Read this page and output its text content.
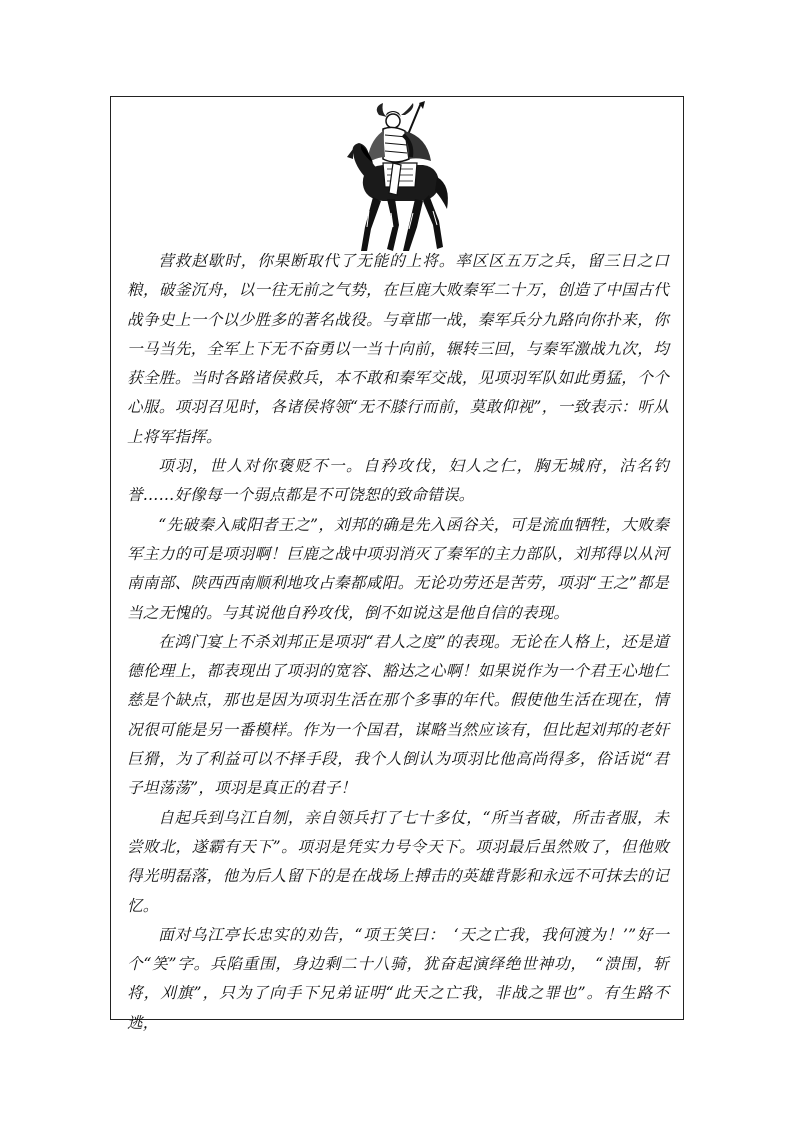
营救赵歇时，你果断取代了无能的上将。率区区五万之兵，留三日之口粮，破釜沉舟，以一往无前之气势，在巨鹿大败秦军二十万，创造了中国古代战争史上一个以少胜多的著名战役。与章邯一战，秦军兵分九路向你扑来，你一马当先，全军上下无不奋勇以一当十向前，辗转三回，与秦军激战九次，均获全胜。当时各路诸侯救兵，本不敢和秦军交战，见项羽军队如此勇猛，个个心服。项羽召见时，各诸侯将领“无不膝行而前，莫敢仰视”，一致表示：听从上将军指挥。

项羽，世人对你褒贬不一。自矜攻伐，妇人之仁，胸无城府，沽名钓誉……好像每一个弱点都是不可饶恕的致命错误。

“先破秦入咸阳者王之”，刘邦的确是先入函谷关，可是流血牺牲，大败秦军主力的可是项羽啊！巨鹿之战中项羽消灭了秦军的主力部队，刘邦得以从河南南部、陕西西南顺利地攻占秦都咸阳。无论功劳还是苦劳，项羽“王之”都是当之无愧的。与其说他自矜攻伐，倒不如说这是他自信的表现。

在鸿门宴上不杀刘邦正是项羽“君人之度”的表现。无论在人格上，还是道德伦理上，都表现出了项羽的宽容、豁达之心啊！如果说作为一个君王心地仁慈是个缺点，那也是因为项羽生活在那个多事的年代。假使他生活在现在，情况很可能是另一番模样。作为一个国君，谋略当然应该有，但比起刘邦的老奸巨猾，为了利益可以不择手段，我个人倒认为项羽比他高尚得多，俗话说“君子坦荡荡”，项羽是真正的君子！

自起兵到乌江自刎，亲自领兵打了七十多仗，“所当者破，所击者服，未尝败北，遂霸有天下”。项羽是凭实力号令天下。项羽最后虽然败了，但他败得光明磊落，他为后人留下的是在战场上搏击的英雄背影和永远不可抹去的记忆。

面对乌江亭长忠实的劝告，“项王笑曰：　‘天之亡我，我何渡为！’”好一个“笑”字。兵陷重围，身边剩二十八骑，犹奋起演绎绝世神功，　“溃围，斩将，刈旗”，只为了向手下兄弟证明“此天之亡我，非战之罪也”。有生路不逃，
